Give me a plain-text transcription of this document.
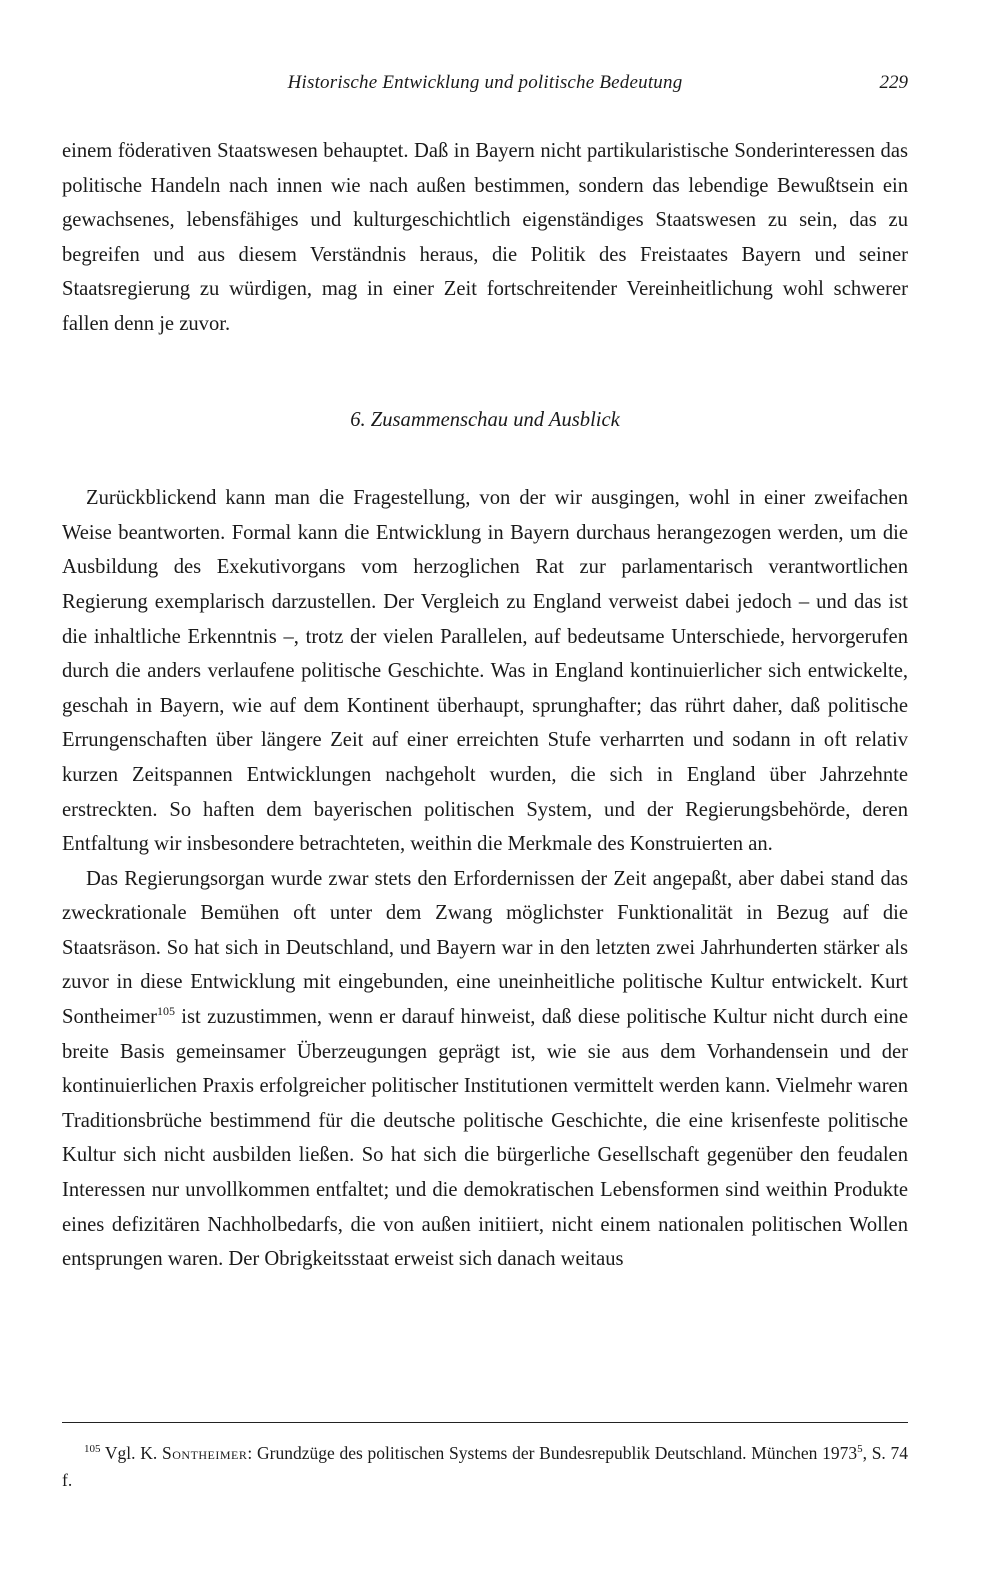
Historische Entwicklung und politische Bedeutung	229

einem föderativen Staatswesen behauptet. Daß in Bayern nicht partikularistische Sonderinteressen das politische Handeln nach innen wie nach außen bestimmen, sondern das lebendige Bewußtsein ein gewachsenes, lebensfähiges und kulturgeschichtlich eigenständiges Staatswesen zu sein, das zu begreifen und aus diesem Verständnis heraus, die Politik des Freistaates Bayern und seiner Staatsregierung zu würdigen, mag in einer Zeit fortschreitender Vereinheitlichung wohl schwerer fallen denn je zuvor.

6. Zusammenschau und Ausblick

Zurückblickend kann man die Fragestellung, von der wir ausgingen, wohl in einer zweifachen Weise beantworten. Formal kann die Entwicklung in Bayern durchaus herangezogen werden, um die Ausbildung des Exekutivorgans vom herzoglichen Rat zur parlamentarisch verantwortlichen Regierung exemplarisch darzustellen. Der Vergleich zu England verweist dabei jedoch – und das ist die inhaltliche Erkenntnis –, trotz der vielen Parallelen, auf bedeutsame Unterschiede, hervorgerufen durch die anders verlaufene politische Geschichte. Was in England kontinuierlicher sich entwickelte, geschah in Bayern, wie auf dem Kontinent überhaupt, sprunghafter; das rührt daher, daß politische Errungenschaften über längere Zeit auf einer erreichten Stufe verharrten und sodann in oft relativ kurzen Zeitspannen Entwicklungen nachgeholt wurden, die sich in England über Jahrzehnte erstreckten. So haften dem bayerischen politischen System, und der Regierungsbehörde, deren Entfaltung wir insbesondere betrachteten, weithin die Merkmale des Konstruierten an.

Das Regierungsorgan wurde zwar stets den Erfordernissen der Zeit angepaßt, aber dabei stand das zweckrationale Bemühen oft unter dem Zwang möglichster Funktionalität in Bezug auf die Staatsräson. So hat sich in Deutschland, und Bayern war in den letzten zwei Jahrhunderten stärker als zuvor in diese Entwicklung mit eingebunden, eine uneinheitliche politische Kultur entwickelt. Kurt Sontheimer$^{105}$ ist zuzustimmen, wenn er darauf hinweist, daß diese politische Kultur nicht durch eine breite Basis gemeinsamer Überzeugungen geprägt ist, wie sie aus dem Vorhandensein und der kontinuierlichen Praxis erfolgreicher politischer Institutionen vermittelt werden kann. Vielmehr waren Traditionsbrüche bestimmend für die deutsche politische Geschichte, die eine krisenfeste politische Kultur sich nicht ausbilden ließen. So hat sich die bürgerliche Gesellschaft gegenüber den feudalen Interessen nur unvollkommen entfaltet; und die demokratischen Lebensformen sind weithin Produkte eines defizitären Nachholbedarfs, die von außen initiiert, nicht einem nationalen politischen Wollen entsprungen waren. Der Obrigkeitsstaat erweist sich danach weitaus

$^{105}$ Vgl. K. Sontheimer: Grundzüge des politischen Systems der Bundesrepublik Deutschland. München 1973$^5$, S. 74 f.
